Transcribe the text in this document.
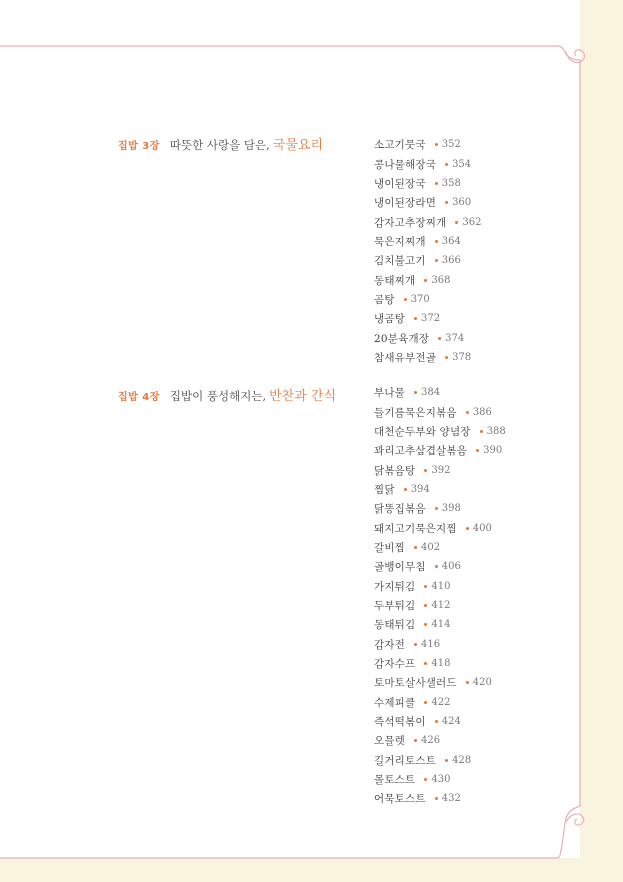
집밥 3장 따뜻한 사랑을 담은, 국물요리	소고기뭇국 352
콩나물해장국 354
냉이된장국 358
냉이된장라면 360
감자고추장찌개 362
묵은지찌개 364
김치불고기 366
동태찌개 368
곰탕 370
냉곰탕 372
20분육개장 374
참새유부전골 378
집밥 4장 집밥이 풍성해지는, 반찬과 간식	부나물 384
들기름묵은지볶음 386
대천순두부와 양념장 388
꽈리고추삼겹살볶음 390
닭볶음탕 392
찜닭 394
닭똥집볶음 398
돼지고기묵은지찜 400
갈비찜 402
골뱅이무침 406
가지튀김 410
두부튀김 412
동태튀김 414
감자전 416
감자수프 418
토마토살사샐러드 420
수제피클 422
즉석떡볶이 424
오믈렛 426
길거리토스트 428
몰토스트 430
어묵토스트 432
